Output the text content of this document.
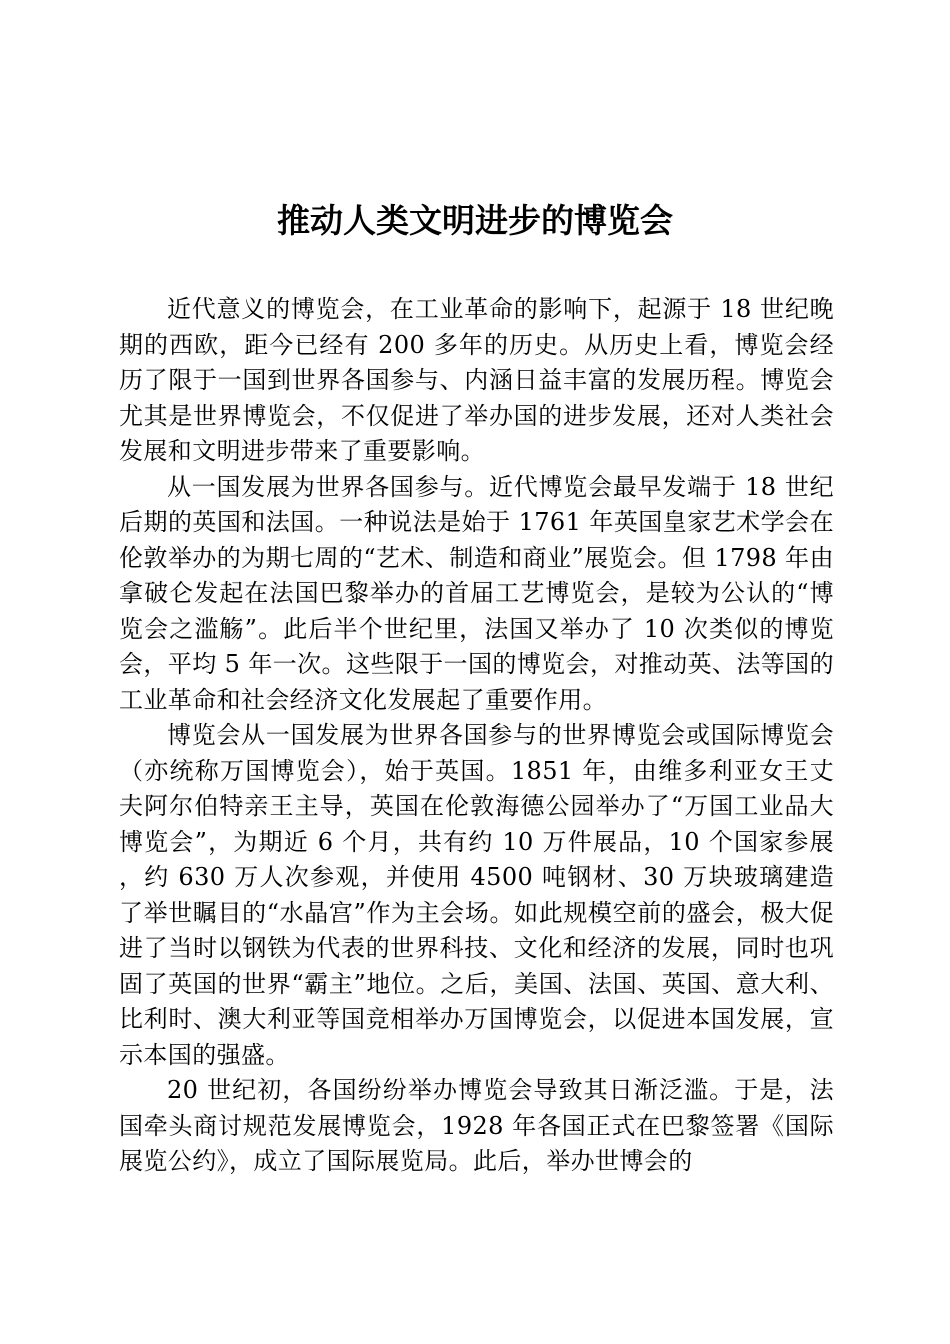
推动人类文明进步的博览会

近代意义的博览会，在工业革命的影响下，起源于 18 世纪晚期的西欧，距今已经有 200 多年的历史。从历史上看，博览会经历了限于一国到世界各国参与、内涵日益丰富的发展历程。博览会尤其是世界博览会，不仅促进了举办国的进步发展，还对人类社会发展和文明进步带来了重要影响。

从一国发展为世界各国参与。近代博览会最早发端于 18 世纪后期的英国和法国。一种说法是始于 1761 年英国皇家艺术学会在伦敦举办的为期七周的“艺术、制造和商业”展览会。但 1798 年由拿破仑发起在法国巴黎举办的首届工艺博览会，是较为公认的“博览会之滥觞”。此后半个世纪里，法国又举办了 10 次类似的博览会，平均 5 年一次。这些限于一国的博览会，对推动英、法等国的工业革命和社会经济文化发展起了重要作用。

博览会从一国发展为世界各国参与的世界博览会或国际博览会（亦统称万国博览会），始于英国。1851 年，由维多利亚女王丈夫阿尔伯特亲王主导，英国在伦敦海德公园举办了“万国工业品大博览会”，为期近 6 个月，共有约 10 万件展品，10 个国家参展，约 630 万人次参观，并使用 4500 吨钢材、30 万块玻璃建造了举世瞩目的“水晶宫”作为主会场。如此规模空前的盛会，极大促进了当时以钢铁为代表的世界科技、文化和经济的发展，同时也巩固了英国的世界“霸主”地位。之后，美国、法国、英国、意大利、比利时、澳大利亚等国竞相举办万国博览会，以促进本国发展，宣示本国的强盛。

20 世纪初，各国纷纷举办博览会导致其日渐泛滥。于是，法国牵头商讨规范发展博览会，1928 年各国正式在巴黎签署《国际展览公约》，成立了国际展览局。此后，举办世博会的
